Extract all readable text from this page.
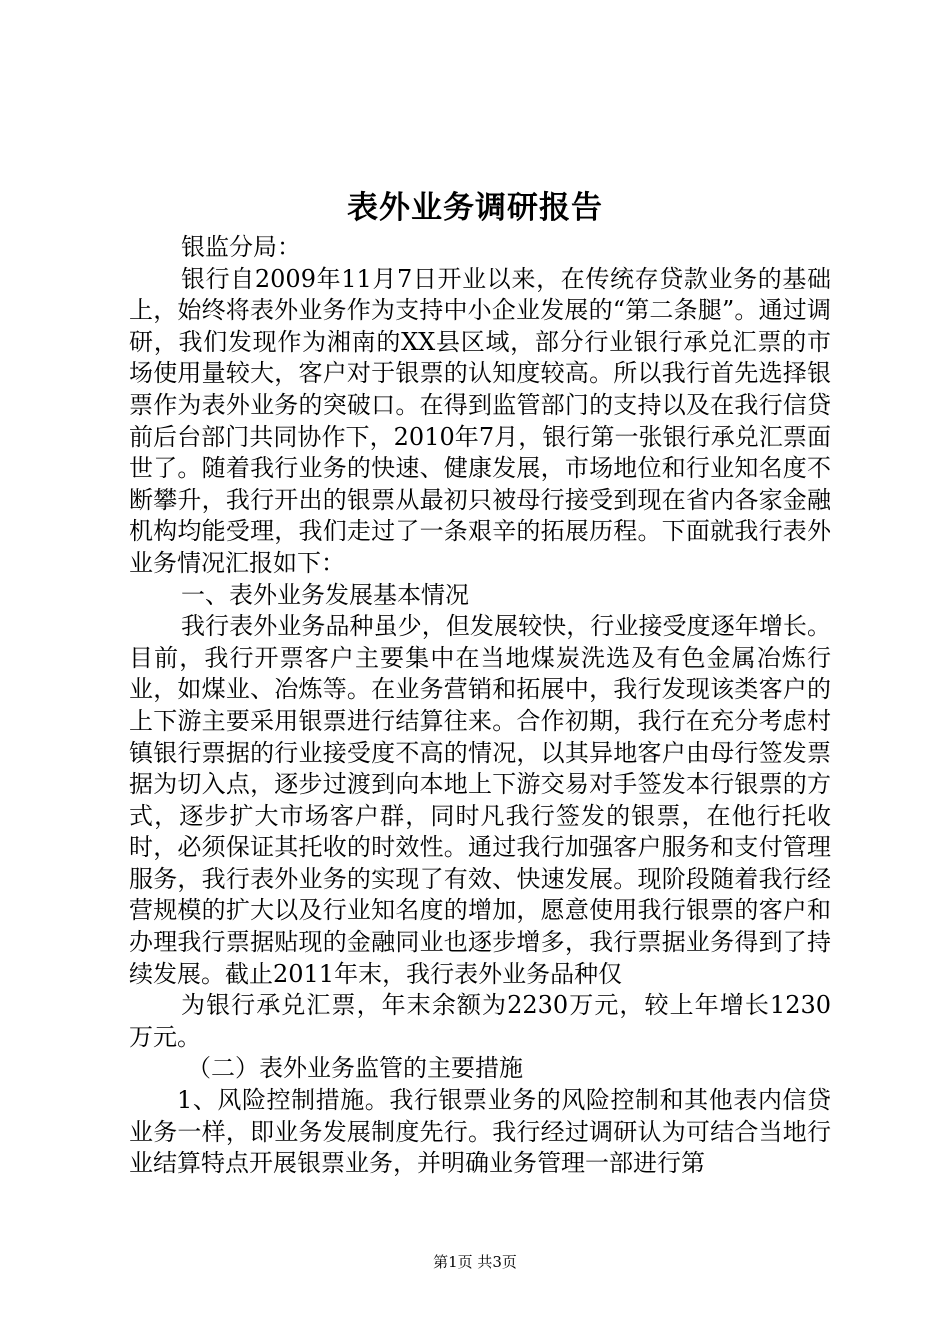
表外业务调研报告

银监分局：

银行自2009年11月7日开业以来，在传统存贷款业务的基础上，始终将表外业务作为支持中小企业发展的“第二条腿”。通过调研，我们发现作为湘南的XX县区域，部分行业银行承兑汇票的市场使用量较大，客户对于银票的认知度较高。所以我行首先选择银票作为表外业务的突破口。在得到监管部门的支持以及在我行信贷前后台部门共同协作下，2010年7月，银行第一张银行承兑汇票面世了。随着我行业务的快速、健康发展，市场地位和行业知名度不断攀升，我行开出的银票从最初只被母行接受到现在省内各家金融机构均能受理，我们走过了一条艰辛的拓展历程。下面就我行表外业务情况汇报如下：

一、表外业务发展基本情况

我行表外业务品种虽少，但发展较快，行业接受度逐年增长。目前，我行开票客户主要集中在当地煤炭洗选及有色金属冶炼行业，如煤业、冶炼等。在业务营销和拓展中，我行发现该类客户的上下游主要采用银票进行结算往来。合作初期，我行在充分考虑村镇银行票据的行业接受度不高的情况，以其异地客户由母行签发票据为切入点，逐步过渡到向本地上下游交易对手签发本行银票的方式，逐步扩大市场客户群，同时凡我行签发的银票，在他行托收时，必须保证其托收的时效性。通过我行加强客户服务和支付管理服务，我行表外业务的实现了有效、快速发展。现阶段随着我行经营规模的扩大以及行业知名度的增加，愿意使用我行银票的客户和办理我行票据贴现的金融同业也逐步增多，我行票据业务得到了持续发展。截止2011年末，我行表外业务品种仅

为银行承兑汇票，年末余额为2230万元，较上年增长1230万元。

（二）表外业务监管的主要措施

1、风险控制措施。我行银票业务的风险控制和其他表内信贷业务一样，即业务发展制度先行。我行经过调研认为可结合当地行业结算特点开展银票业务，并明确业务管理一部进行第

第1页 共3页
